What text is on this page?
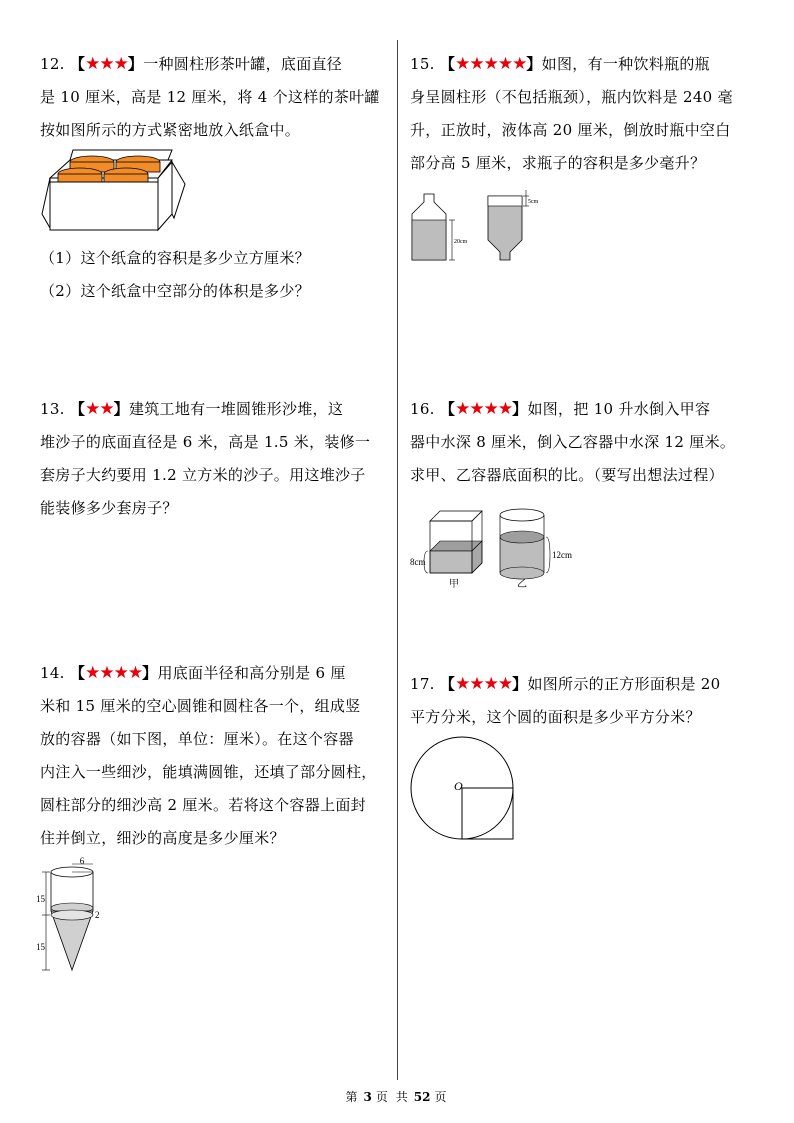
12. 【★★★】一种圆柱形茶叶罐，底面直径

是 10 厘米，高是 12 厘米，将 4 个这样的茶叶罐

按如图所示的方式紧密地放入纸盒中。

（1）这个纸盒的容积是多少立方厘米？

（2）这个纸盒中空部分的体积是多少？

13. 【★★】建筑工地有一堆圆锥形沙堆，这

堆沙子的底面直径是 6 米，高是 1.5 米，装修一

套房子大约要用 1.2 立方米的沙子。用这堆沙子

能装修多少套房子？

14. 【★★★★】用底面半径和高分别是 6 厘

米和 15 厘米的空心圆锥和圆柱各一个，组成竖

放的容器（如下图，单位：厘米）。在这个容器

内注入一些细沙，能填满圆锥，还填了部分圆柱，

圆柱部分的细沙高 2 厘米。若将这个容器上面封

住并倒立，细沙的高度是多少厘米？

6
15
15
2

15. 【★★★★★】如图，有一种饮料瓶的瓶

身呈圆柱形（不包括瓶颈），瓶内饮料是 240 毫

升，正放时，液体高 20 厘米，倒放时瓶中空白

部分高 5 厘米，求瓶子的容积是多少毫升？

20cm
5cm

16. 【★★★★】如图，把 10 升水倒入甲容

器中水深 8 厘米，倒入乙容器中水深 12 厘米。

求甲、乙容器底面积的比。（要写出想法过程）

8cm
甲
12cm
乙

17. 【★★★★】如图所示的正方形面积是 20

平方分米，这个圆的面积是多少平方分米？

O
第 3 页 共 52 页
